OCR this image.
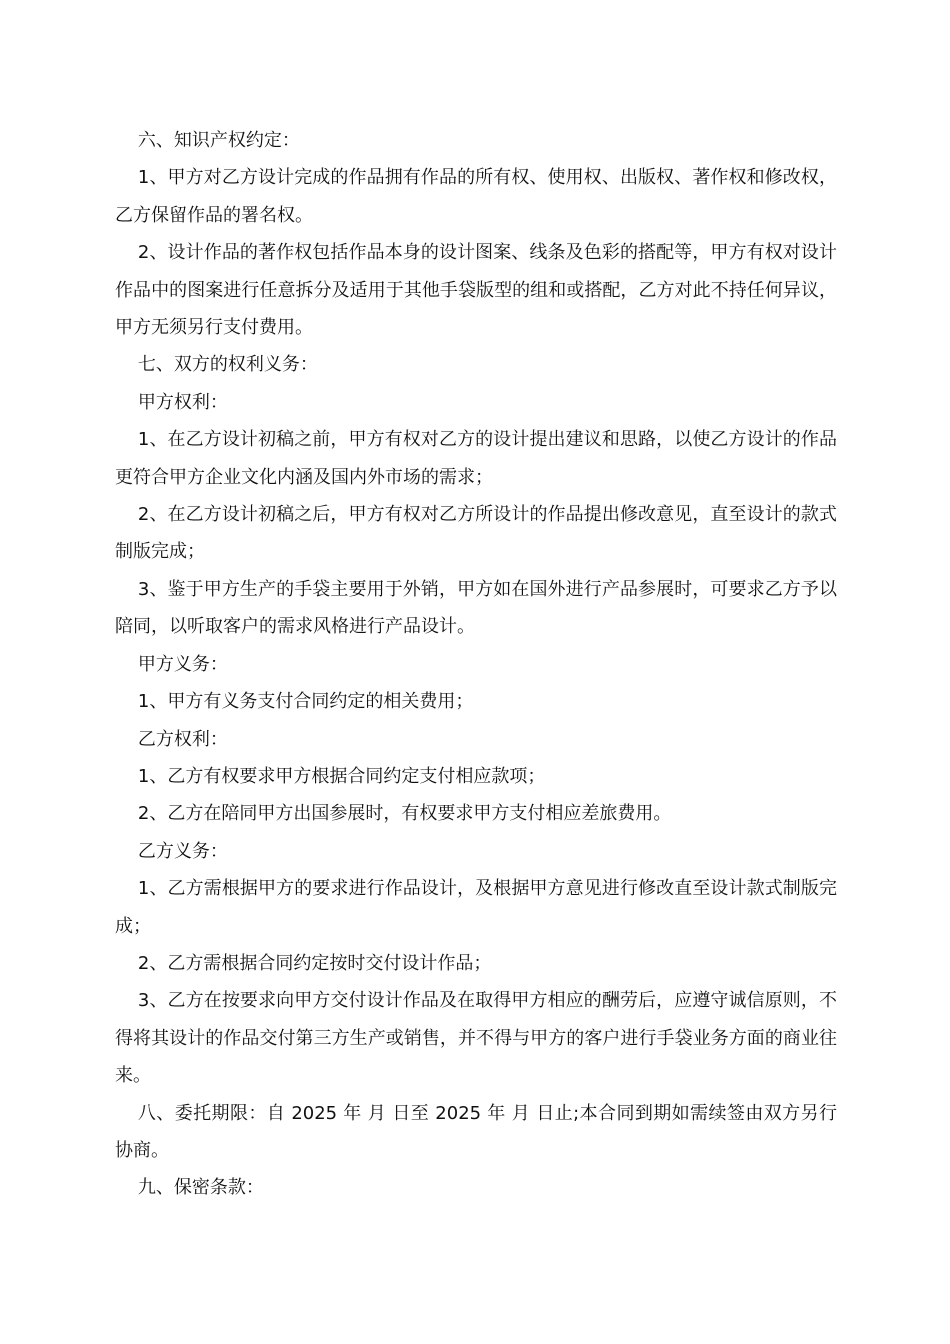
六、知识产权约定：

1、甲方对乙方设计完成的作品拥有作品的所有权、使用权、出版权、著作权和修改权，乙方保留作品的署名权。

2、设计作品的著作权包括作品本身的设计图案、线条及色彩的搭配等，甲方有权对设计作品中的图案进行任意拆分及适用于其他手袋版型的组和或搭配，乙方对此不持任何异议，甲方无须另行支付费用。

七、双方的权利义务：

甲方权利：

1、在乙方设计初稿之前，甲方有权对乙方的设计提出建议和思路，以使乙方设计的作品更符合甲方企业文化内涵及国内外市场的需求；

2、在乙方设计初稿之后，甲方有权对乙方所设计的作品提出修改意见，直至设计的款式制版完成；

3、鉴于甲方生产的手袋主要用于外销，甲方如在国外进行产品参展时，可要求乙方予以陪同，以听取客户的需求风格进行产品设计。

甲方义务：

1、甲方有义务支付合同约定的相关费用；

乙方权利：

1、乙方有权要求甲方根据合同约定支付相应款项；

2、乙方在陪同甲方出国参展时，有权要求甲方支付相应差旅费用。

乙方义务：

1、乙方需根据甲方的要求进行作品设计，及根据甲方意见进行修改直至设计款式制版完成；

2、乙方需根据合同约定按时交付设计作品；

3、乙方在按要求向甲方交付设计作品及在取得甲方相应的酬劳后，应遵守诚信原则，不得将其设计的作品交付第三方生产或销售，并不得与甲方的客户进行手袋业务方面的商业往来。

八、委托期限：自 2025 年 月 日至 2025 年 月 日止;本合同到期如需续签由双方另行协商。

九、保密条款：
